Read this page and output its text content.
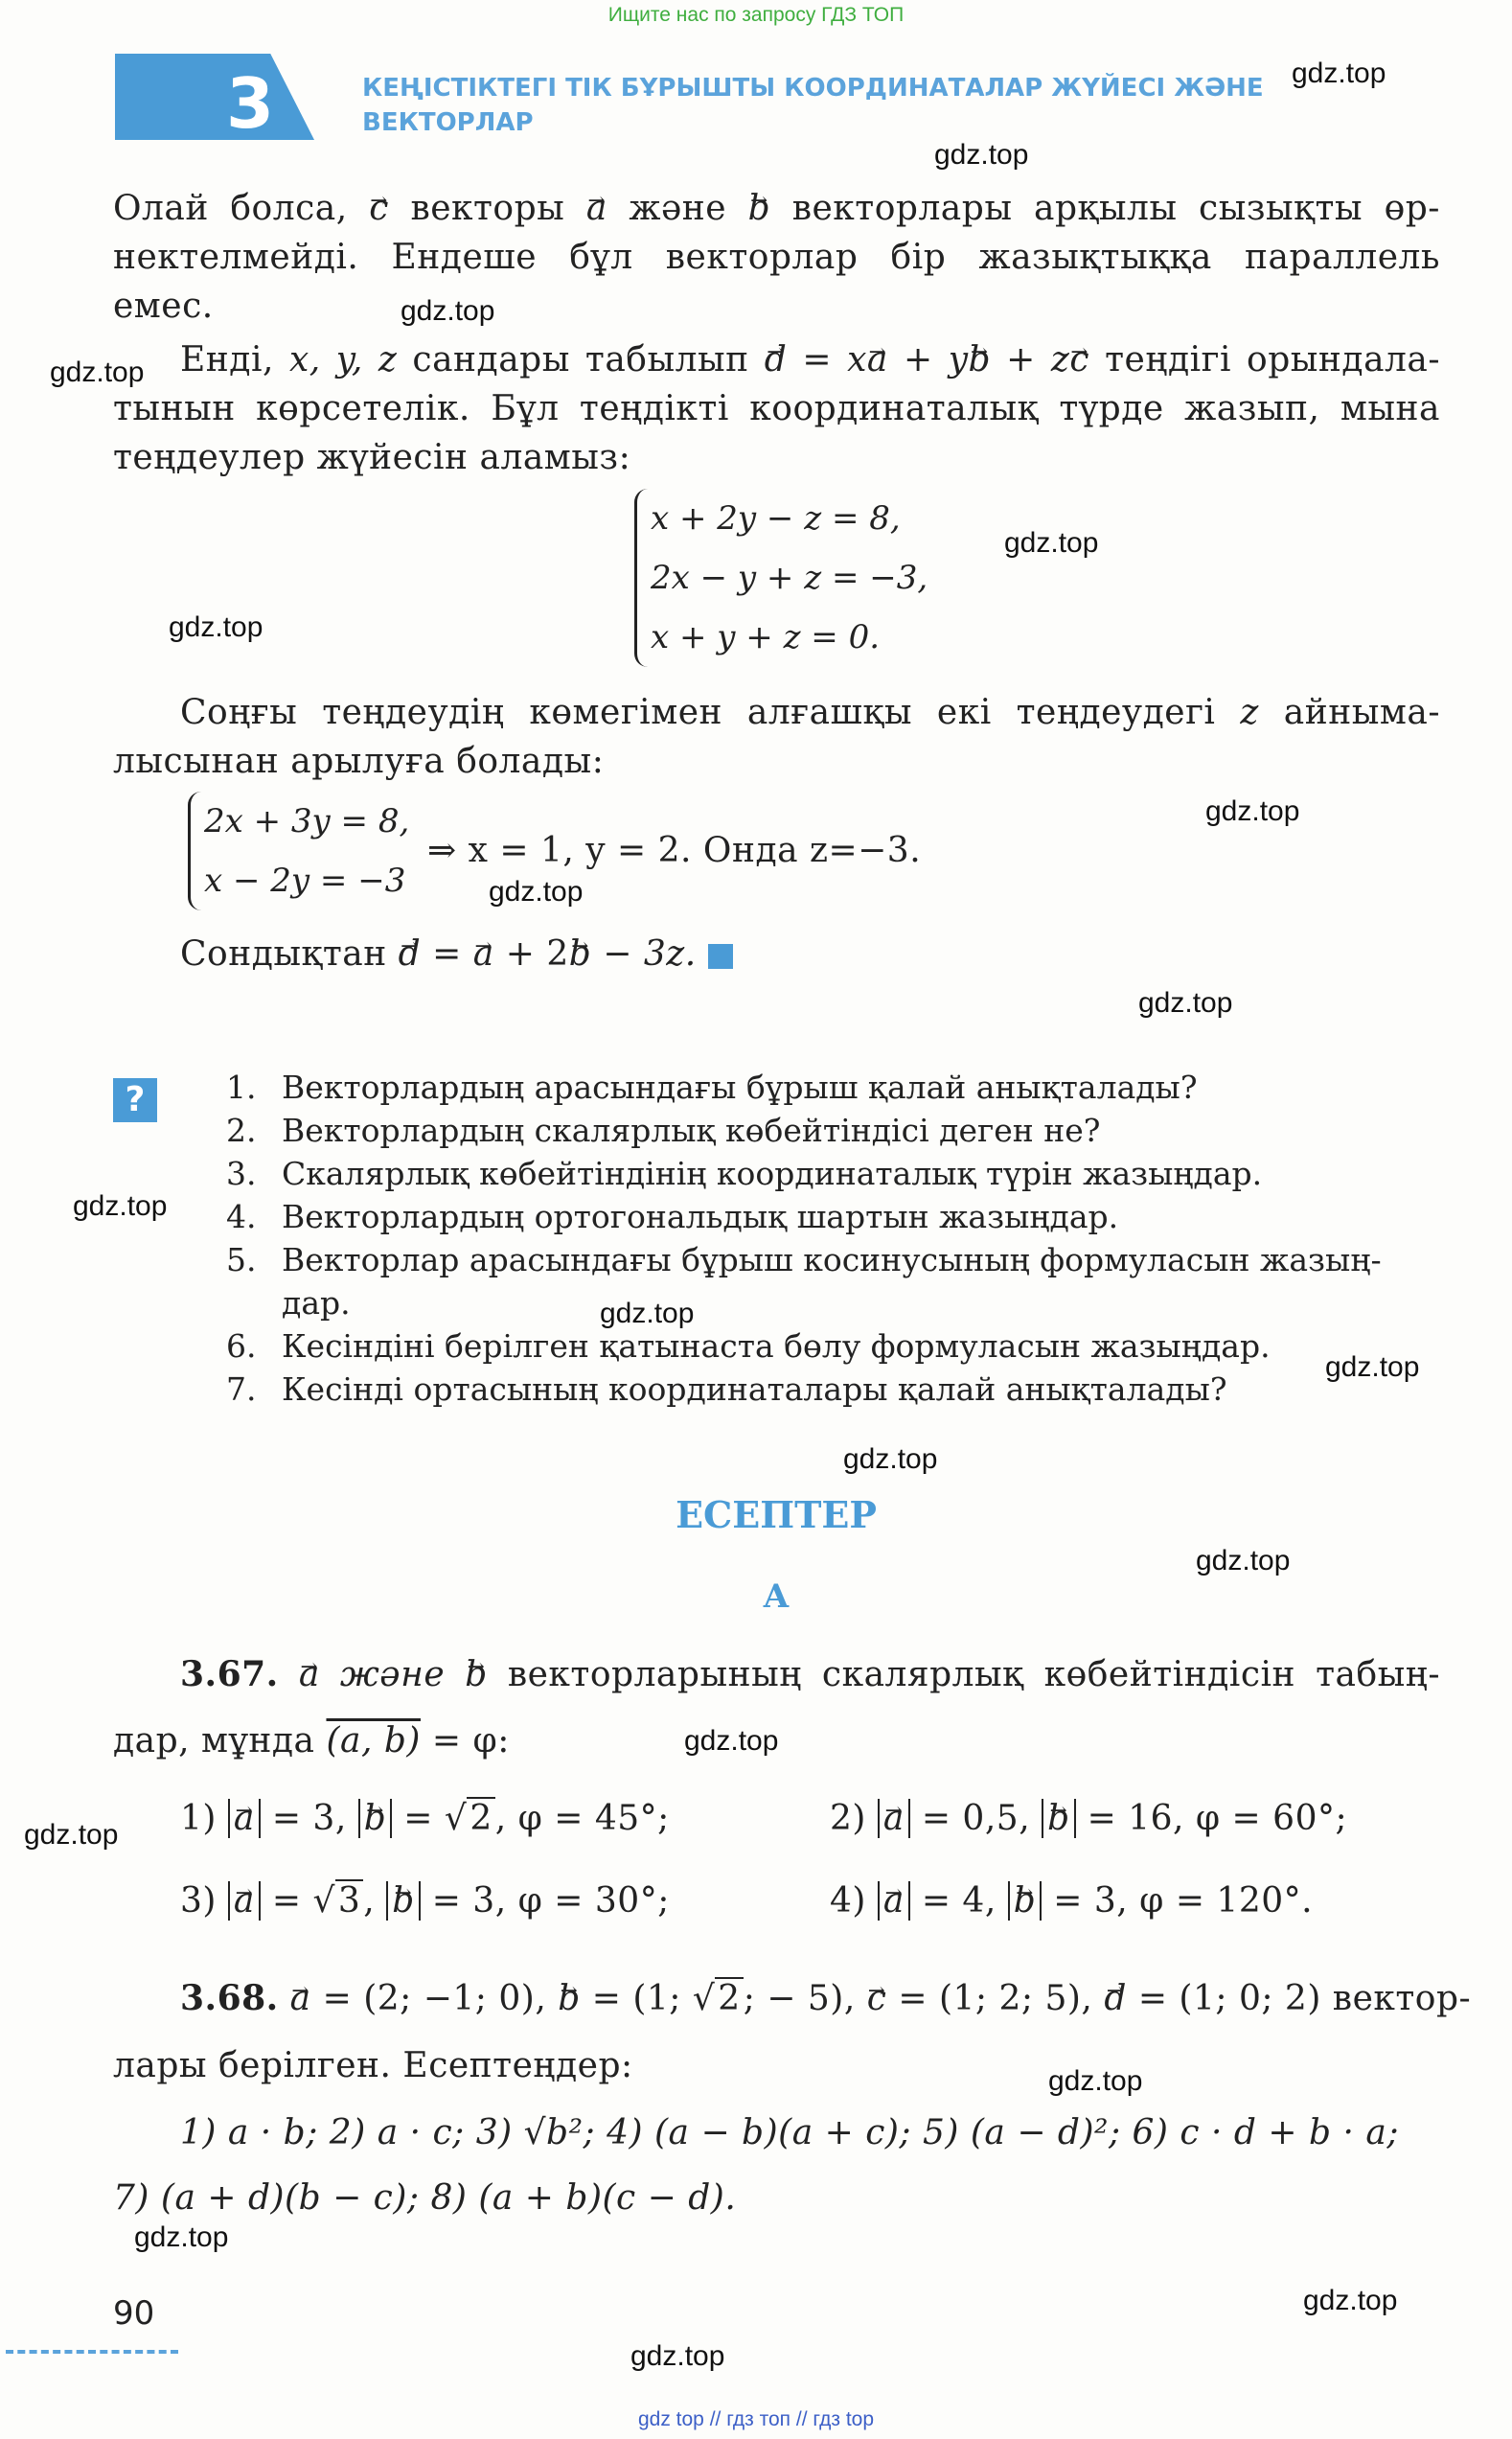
Ищите нас по запросу ГДЗ ТОП
3	КЕҢІСТІКТЕГІ ТІК БҰРЫШТЫ КООРДИНАТАЛАР ЖҮЙЕСІ ЖӘНЕ
ВЕКТОРЛАР
gdz.top
gdz.top
gdz.top
gdz.top
gdz.top
gdz.top
gdz.top
gdz.top
gdz.top
gdz.top
gdz.top
gdz.top
gdz.top
gdz.top
gdz.top
gdz.top
gdz.top
gdz.top
gdz.top
gdz.top
Олай болса, → c векторы → a және → b векторлары арқылы сызықты өр-
нектелмейді. Ендеше бұл векторлар бір жазықтыққа параллель
емес.
Енді, x, y, z сандары табылып → d = x→ a + y→ b + z→ c теңдігі орындала-
тынын көрсетелік. Бұл теңдікті координаталық түрде жазып, мына
теңдеулер жүйесін аламыз:
x + 2y − z = 8,
2x − y + z = −3,
x + y + z = 0.
Соңғы теңдеудің көмегімен алғашқы екі теңдеудегі z айныма-
лысынан арылуға болады:
2x + 3y = 8,
x − 2y = −3
⇒ x = 1, y = 2. Онда z=−3.
Сондықтан → d = → a + 2→ b − 3z.
?	1. Векторлардың арасындағы бұрыш қалай анықталады?
2. Векторлардың скалярлық көбейтіндісі деген не?
3. Скалярлық көбейтіндінің координаталық түрін жазыңдар.
4. Векторлардың ортогональдық шартын жазыңдар.
5. Векторлар арасындағы бұрыш косинусының формуласын жазың-
дар.
6. Кесіндіні берілген қатынаста бөлу формуласын жазыңдар.
7. Кесінді ортасының координаталары қалай анықталады?
ЕСЕПТЕР
A
3.67. → a және → b векторларының скалярлық көбейтіндісін табың-
дар, мұнда (a, b) = φ:
1) → a = 3, → b = √2, φ = 45°;	2) → a = 0,5, → b = 16, φ = 60°;
3) → a = √3, → b = 3, φ = 30°;	4) → a = 4, → b = 3, φ = 120°.
3.68. → a = (2; −1; 0), → b = (1; √2; − 5), → c = (1; 2; 5), → d = (1; 0; 2) вектор-
лары берілген. Есептеңдер:
1) a · b; 2) a · c; 3) √b²; 4) (a − b)(a + c); 5) (a − d)²; 6) c · d + b · a;
7) (a + d)(b − c); 8) (a + b)(c − d).
90
gdz top // гдз топ // гдз top
